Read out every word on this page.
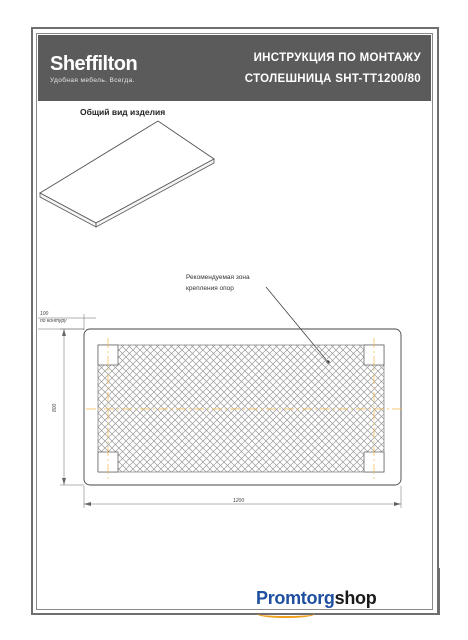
Sheffilton
Удобная мебель. Всегда.
ИНСТРУКЦИЯ ПО МОНТАЖУ
СТОЛЕШНИЦА SHT-TT1200/80
Общий вид изделия
Рекомендуемая зона
крепления опор
100
по контуру
800
1200
Promtorgshop
